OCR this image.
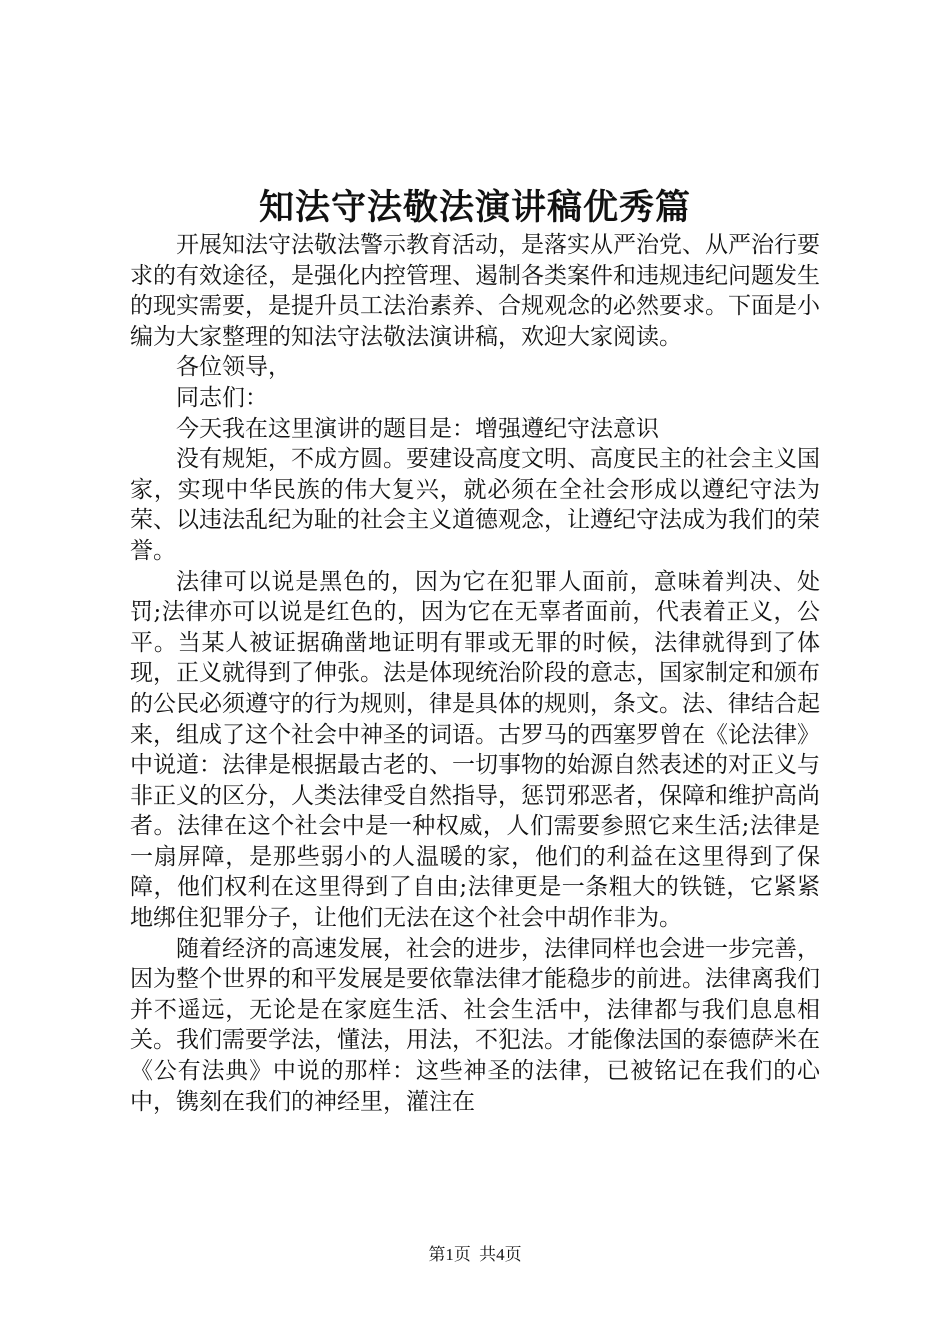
知法守法敬法演讲稿优秀篇

开展知法守法敬法警示教育活动，是落实从严治党、从严治行要求的有效途径，是强化内控管理、遏制各类案件和违规违纪问题发生的现实需要，是提升员工法治素养、合规观念的必然要求。下面是小编为大家整理的知法守法敬法演讲稿，欢迎大家阅读。

各位领导，

同志们：

今天我在这里演讲的题目是：增强遵纪守法意识

没有规矩，不成方圆。要建设高度文明、高度民主的社会主义国家，实现中华民族的伟大复兴，就必须在全社会形成以遵纪守法为荣、以违法乱纪为耻的社会主义道德观念，让遵纪守法成为我们的荣誉。

法律可以说是黑色的，因为它在犯罪人面前，意味着判决、处罚;法律亦可以说是红色的，因为它在无辜者面前，代表着正义，公平。当某人被证据确凿地证明有罪或无罪的时候，法律就得到了体现，正义就得到了伸张。法是体现统治阶段的意志，国家制定和颁布的公民必须遵守的行为规则，律是具体的规则，条文。法、律结合起来，组成了这个社会中神圣的词语。古罗马的西塞罗曾在《论法律》中说道：法律是根据最古老的、一切事物的始源自然表述的对正义与非正义的区分，人类法律受自然指导，惩罚邪恶者，保障和维护高尚者。法律在这个社会中是一种权威，人们需要参照它来生活;法律是一扇屏障，是那些弱小的人温暖的家，他们的利益在这里得到了保障，他们权利在这里得到了自由;法律更是一条粗大的铁链，它紧紧地绑住犯罪分子，让他们无法在这个社会中胡作非为。

随着经济的高速发展，社会的进步，法律同样也会进一步完善，因为整个世界的和平发展是要依靠法律才能稳步的前进。法律离我们并不遥远，无论是在家庭生活、社会生活中，法律都与我们息息相关。我们需要学法，懂法，用法，不犯法。才能像法国的泰德萨米在《公有法典》中说的那样：这些神圣的法律，已被铭记在我们的心中，镌刻在我们的神经里，灌注在

第1页 共4页
